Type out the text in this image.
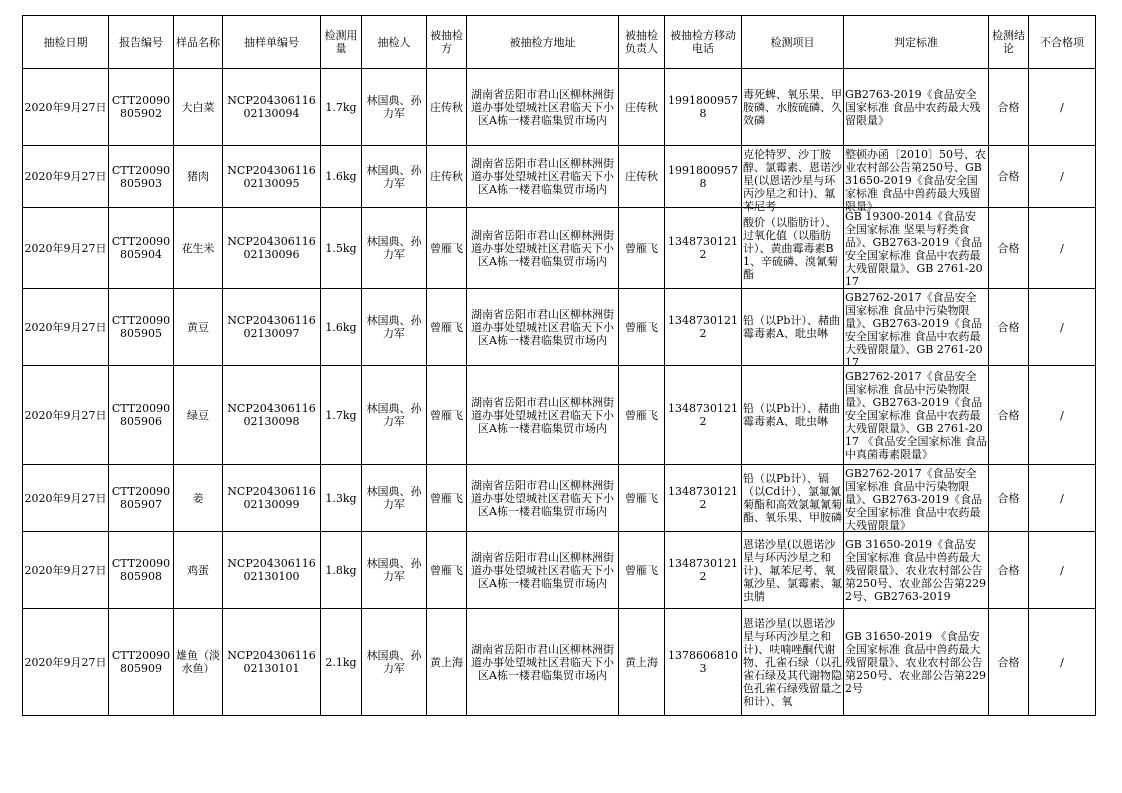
抽检日期	报告编号	样品名称	抽样单编号	检测用量	抽检人	被抽检方	被抽检方地址	被抽检负责人	被抽检方移动电话	检测项目	判定标准	检测结论	不合格项

2020年9月27日	CTT20090805902	大白菜	NCP20430611602130094	1.7kg	林国典、孙力军	庄传秋	湖南省岳阳市君山区柳林洲街道办事处望城社区君临天下小区A栋一楼君临集贸市场内	庄传秋	19918009578	毒死蜱、氧乐果、甲胺磷、水胺硫磷、久效磷	GB2763-2019《食品安全国家标准 食品中农药最大残留限量》	合格	/

2020年9月27日	CTT20090805903	猪肉	NCP20430611602130095	1.6kg	林国典、孙力军	庄传秋	湖南省岳阳市君山区柳林洲街道办事处望城社区君临天下小区A栋一楼君临集贸市场内	庄传秋	19918009578	克伦特罗、沙丁胺醇、氯霉素、恩诺沙星(以恩诺沙星与环丙沙星之和计)、氟苯尼考	整顿办函〔2010〕50号、农业农村部公告第250号、GB 31650-2019《食品安全国家标准 食品中兽药最大残留限量》	合格	/

2020年9月27日	CTT20090805904	花生米	NCP20430611602130096	1.5kg	林国典、孙力军	曾雁飞	湖南省岳阳市君山区柳林洲街道办事处望城社区君临天下小区A栋一楼君临集贸市场内	曾雁飞	13487301212	酸价（以脂肪计）、过氧化值（以脂肪计）、黄曲霉毒素B1、辛硫磷、溴氰菊酯	GB 19300-2014《食品安全国家标准 坚果与籽类食品》、GB2763-2019《食品安全国家标准 食品中农药最大残留限量》、GB 2761-2017	合格	/

2020年9月27日	CTT20090805905	黄豆	NCP20430611602130097	1.6kg	林国典、孙力军	曾雁飞	湖南省岳阳市君山区柳林洲街道办事处望城社区君临天下小区A栋一楼君临集贸市场内	曾雁飞	13487301212	铅（以Pb计）、赭曲霉毒素A、吡虫啉	GB2762-2017《食品安全国家标准 食品中污染物限量》、GB2763-2019《食品安全国家标准 食品中农药最大残留限量》、GB 2761-2017	合格	/

2020年9月27日	CTT20090805906	绿豆	NCP20430611602130098	1.7kg	林国典、孙力军	曾雁飞	湖南省岳阳市君山区柳林洲街道办事处望城社区君临天下小区A栋一楼君临集贸市场内	曾雁飞	13487301212	铅（以Pb计）、赭曲霉毒素A、吡虫啉	GB2762-2017《食品安全国家标准 食品中污染物限量》、GB2763-2019《食品安全国家标准 食品中农药最大残留限量》、GB 2761-2017 《食品安全国家标准 食品中真菌毒素限量》	合格	/

2020年9月27日	CTT20090805907	姜	NCP20430611602130099	1.3kg	林国典、孙力军	曾雁飞	湖南省岳阳市君山区柳林洲街道办事处望城社区君临天下小区A栋一楼君临集贸市场内	曾雁飞	13487301212	铅（以Pb计）、镉（以Cd计）、氯氟氰菊酯和高效氯氟氰菊酯、氧乐果、甲胺磷	GB2762-2017《食品安全国家标准 食品中污染物限量》、GB2763-2019《食品安全国家标准 食品中农药最大残留限量》	合格	/

2020年9月27日	CTT20090805908	鸡蛋	NCP20430611602130100	1.8kg	林国典、孙力军	曾雁飞	湖南省岳阳市君山区柳林洲街道办事处望城社区君临天下小区A栋一楼君临集贸市场内	曾雁飞	13487301212	恩诺沙星(以恩诺沙星与环丙沙星之和计)、氟苯尼考、氧氟沙星、氯霉素、氟虫腈	GB 31650-2019《食品安全国家标准 食品中兽药最大残留限量》、农业农村部公告第250号、农业部公告第2292号、GB2763-2019	合格	/

2020年9月27日	CTT20090805909	雄鱼（淡水鱼）	NCP20430611602130101	2.1kg	林国典、孙力军	黄上海	湖南省岳阳市君山区柳林洲街道办事处望城社区君临天下小区A栋一楼君临集贸市场内	黄上海	13786068103	恩诺沙星(以恩诺沙星与环丙沙星之和计)、呋喃唑酮代谢物、孔雀石绿（以孔雀石绿及其代谢物隐色孔雀石绿残留量之和计）、氧	GB 31650-2019 《食品安全国家标准 食品中兽药最大残留限量》、农业农村部公告第250号、农业部公告第2292号	合格	/
